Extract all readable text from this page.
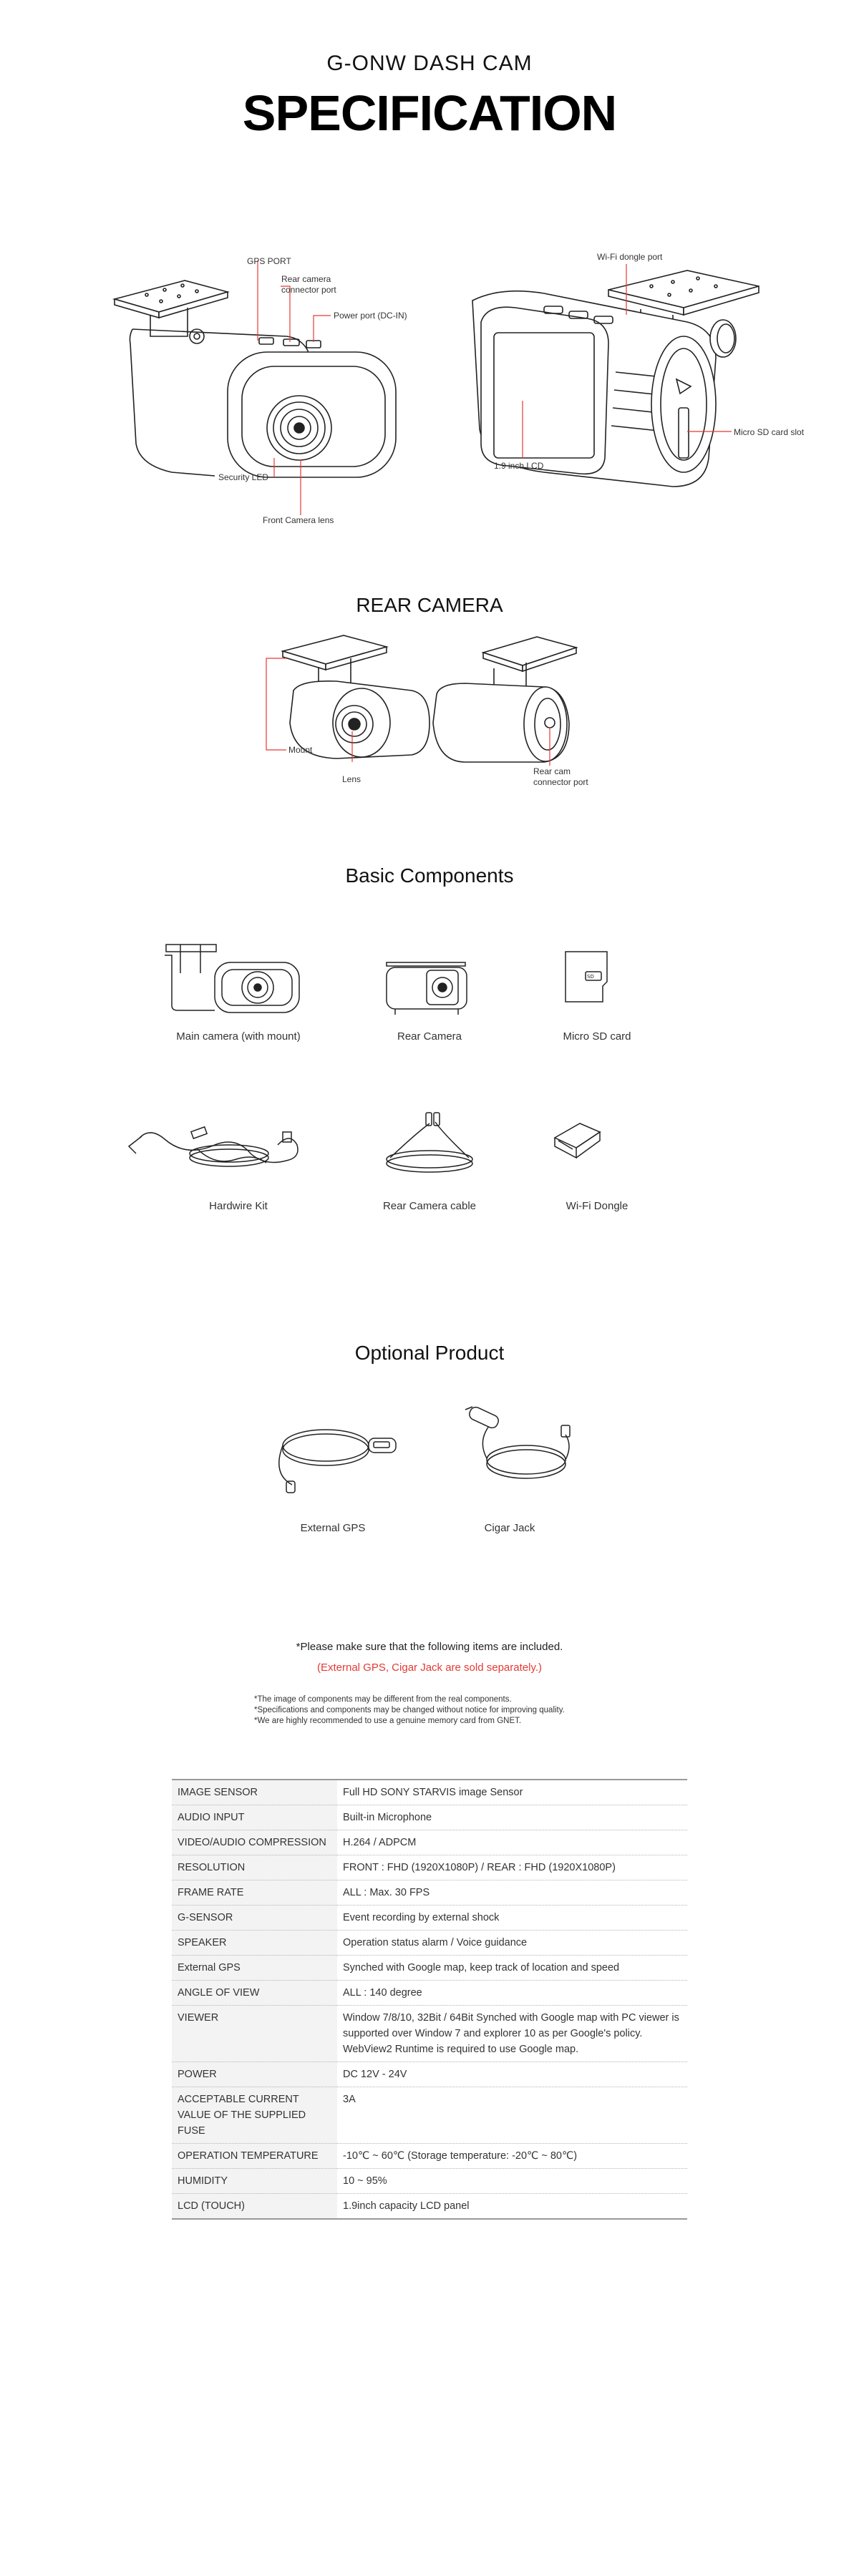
G-ONW DASH CAM
SPECIFICATION
GPS PORT
Rear camera
connector port
Power port (DC-IN)
Security LED
Front Camera lens
Wi-Fi dongle port
Micro SD card slot
1.9 inch LCD
REAR CAMERA
Mount
Lens
Rear cam
connector port
Basic Components
SD
Main camera (with mount)	Rear Camera	Micro SD card
Hardwire Kit	Rear Camera cable	Wi-Fi Dongle
Optional Product
External GPS	Cigar Jack
*Please make sure that the following items are included.
(External GPS, Cigar Jack are sold separately.)
*The image of components may be different from the real components.
*Specifications and components may be changed without notice for improving quality.
*We are highly recommended to use a genuine memory card from GNET.
IMAGE SENSOR	Full HD SONY STARVIS image Sensor
AUDIO INPUT	Built-in Microphone
VIDEO/AUDIO COMPRESSION	H.264 / ADPCM
RESOLUTION	FRONT : FHD (1920X1080P) / REAR : FHD (1920X1080P)
FRAME RATE	ALL : Max. 30 FPS
G-SENSOR	Event recording by external shock
SPEAKER	Operation status alarm / Voice guidance
External GPS	Synched with Google map, keep track of location and speed
ANGLE OF VIEW	ALL : 140 degree
VIEWER	Window 7/8/10, 32Bit / 64Bit Synched with Google map with PC viewer is supported over Window 7 and explorer 10 as per Google's policy. WebView2 Runtime is required to use Google map.
POWER	DC 12V - 24V
ACCEPTABLE CURRENT VALUE OF THE SUPPLIED FUSE	3A
OPERATION TEMPERATURE	-10℃ ~ 60℃ (Storage temperature: -20℃ ~ 80℃)
HUMIDITY	10 ~ 95%
LCD (TOUCH)	1.9inch capacity LCD panel
